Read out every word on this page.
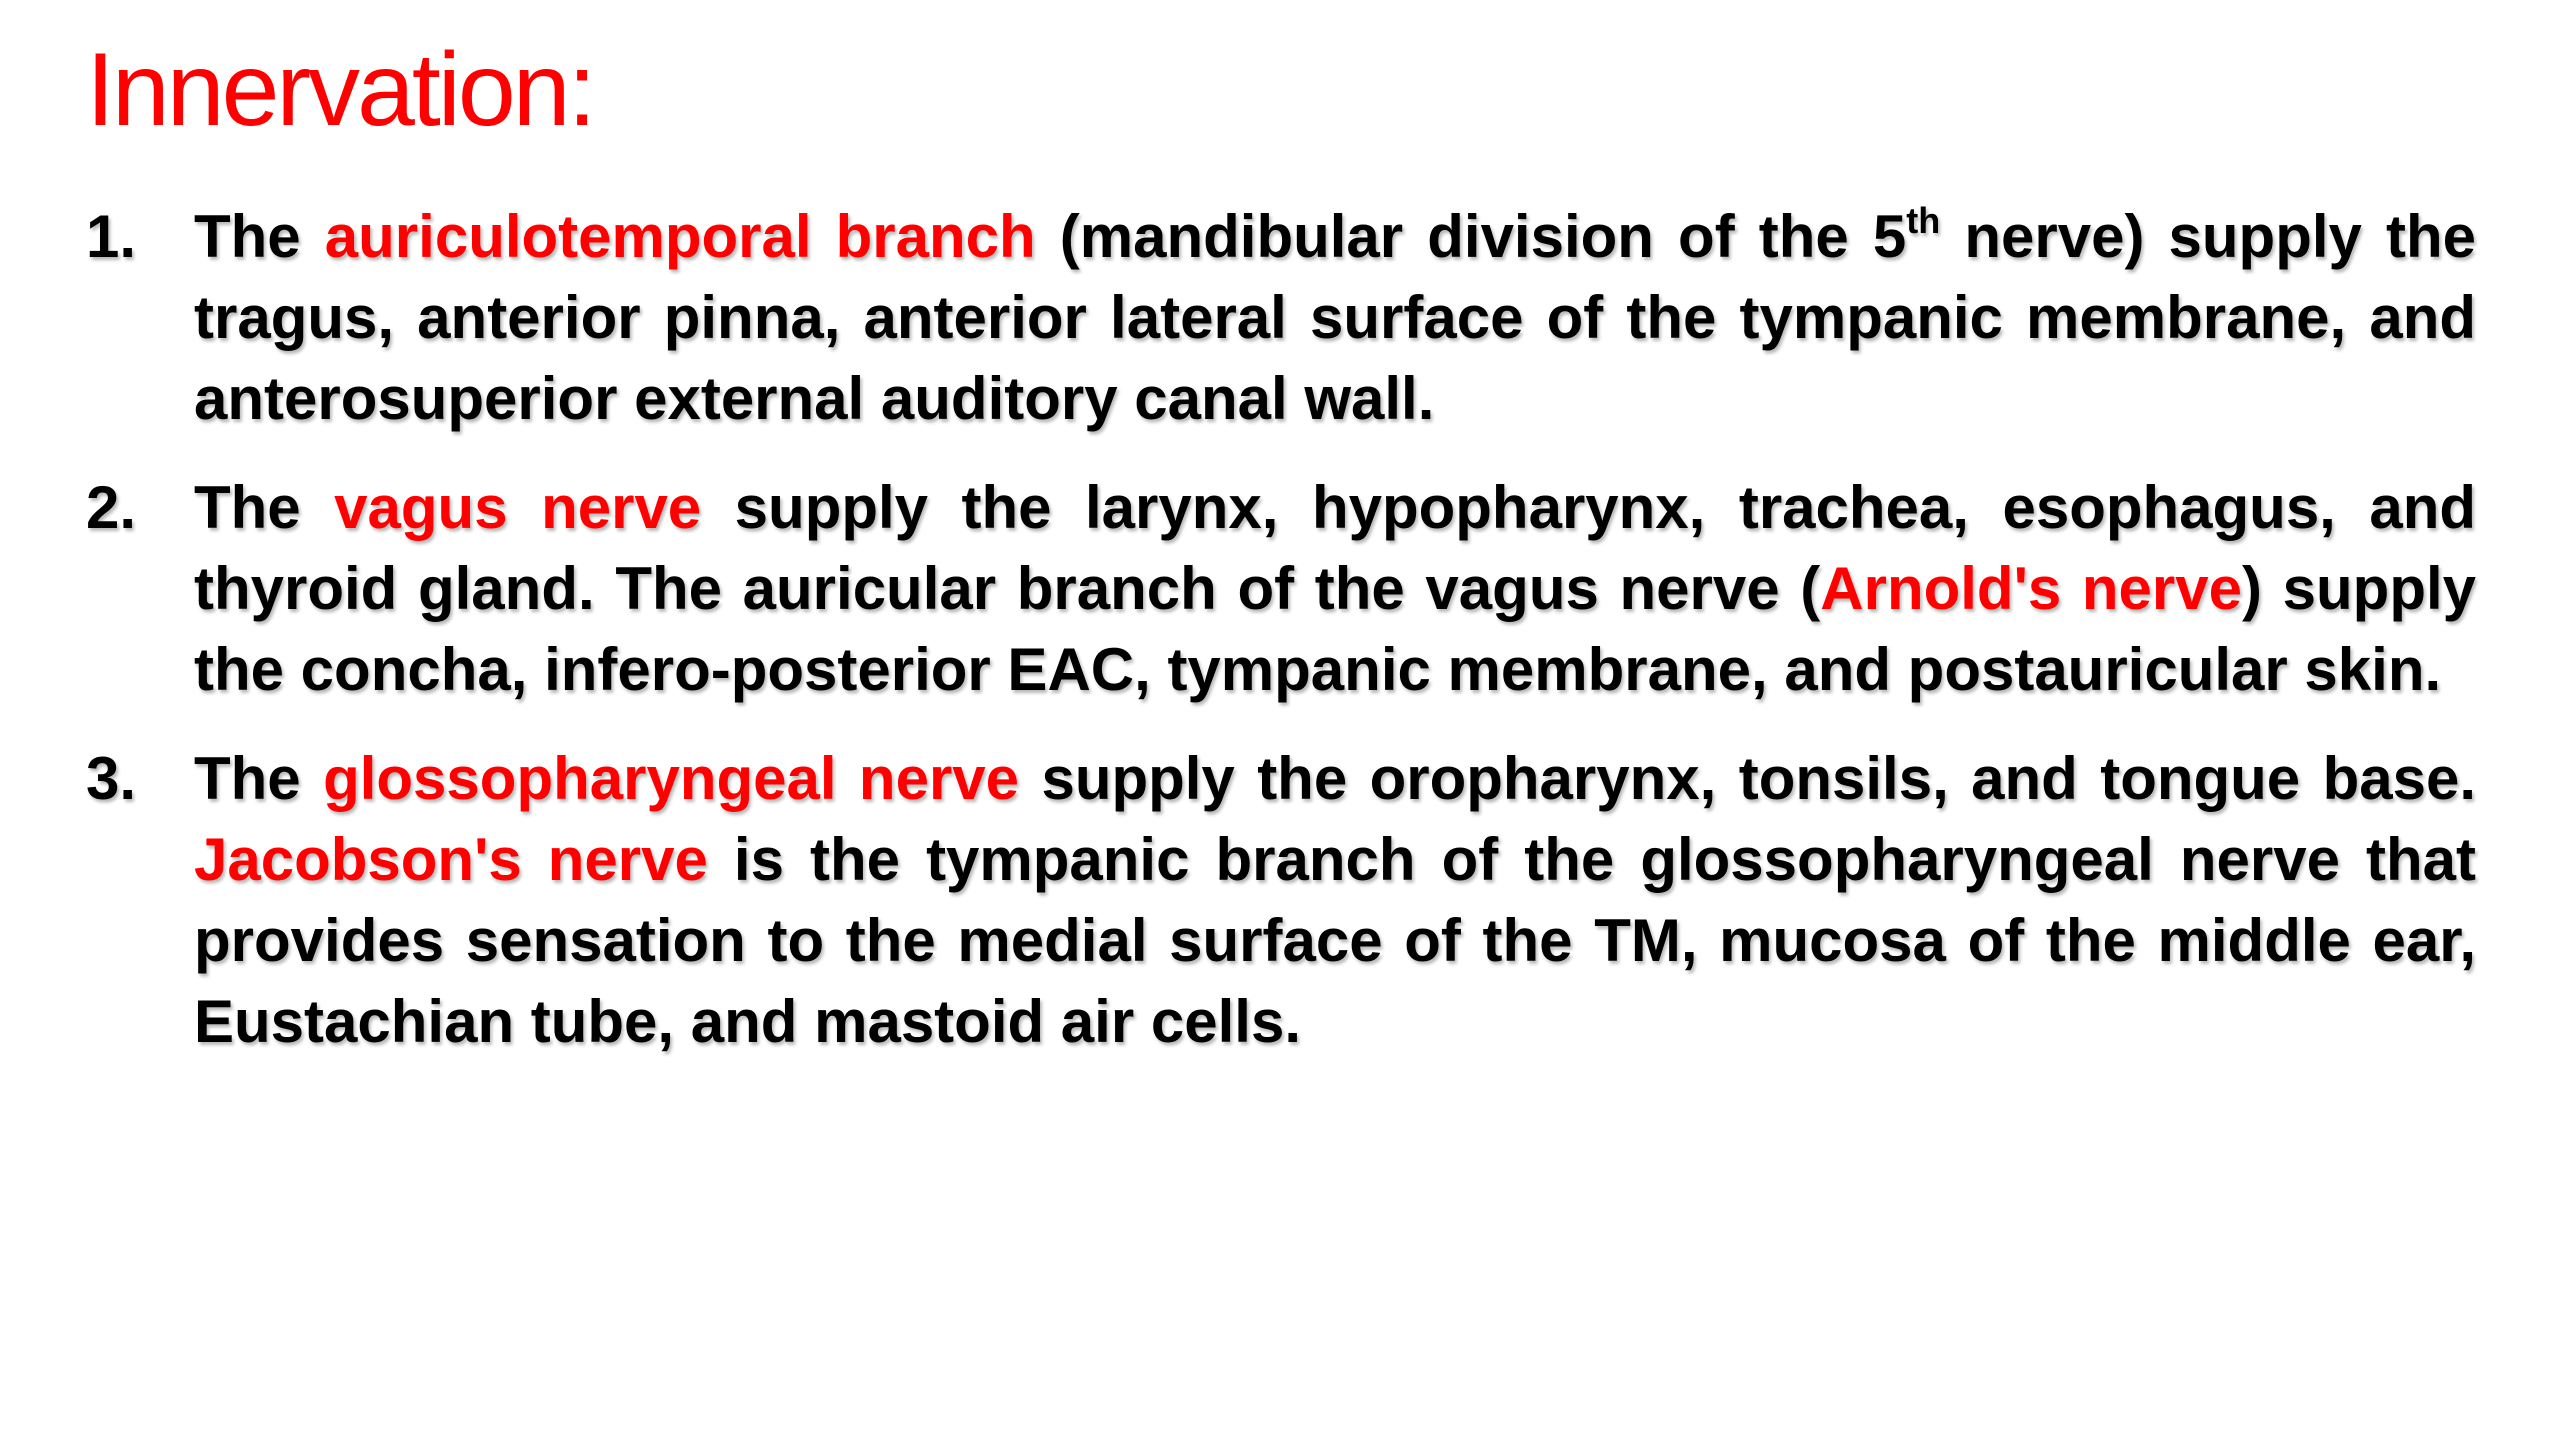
Innervation:
1. The auriculotemporal branch (mandibular division of the 5th nerve) supply the tragus, anterior pinna, anterior lateral surface of the tympanic membrane, and anterosuperior external auditory canal wall.
2. The vagus nerve supply the larynx, hypopharynx, trachea, esophagus, and thyroid gland. The auricular branch of the vagus nerve (Arnold's nerve) supply the concha, infero-posterior EAC, tympanic membrane, and postauricular skin.
3. The glossopharyngeal nerve supply the oropharynx, tonsils, and tongue base. Jacobson's nerve is the tympanic branch of the glossopharyngeal nerve that provides sensation to the medial surface of the TM, mucosa of the middle ear, Eustachian tube, and mastoid air cells.
